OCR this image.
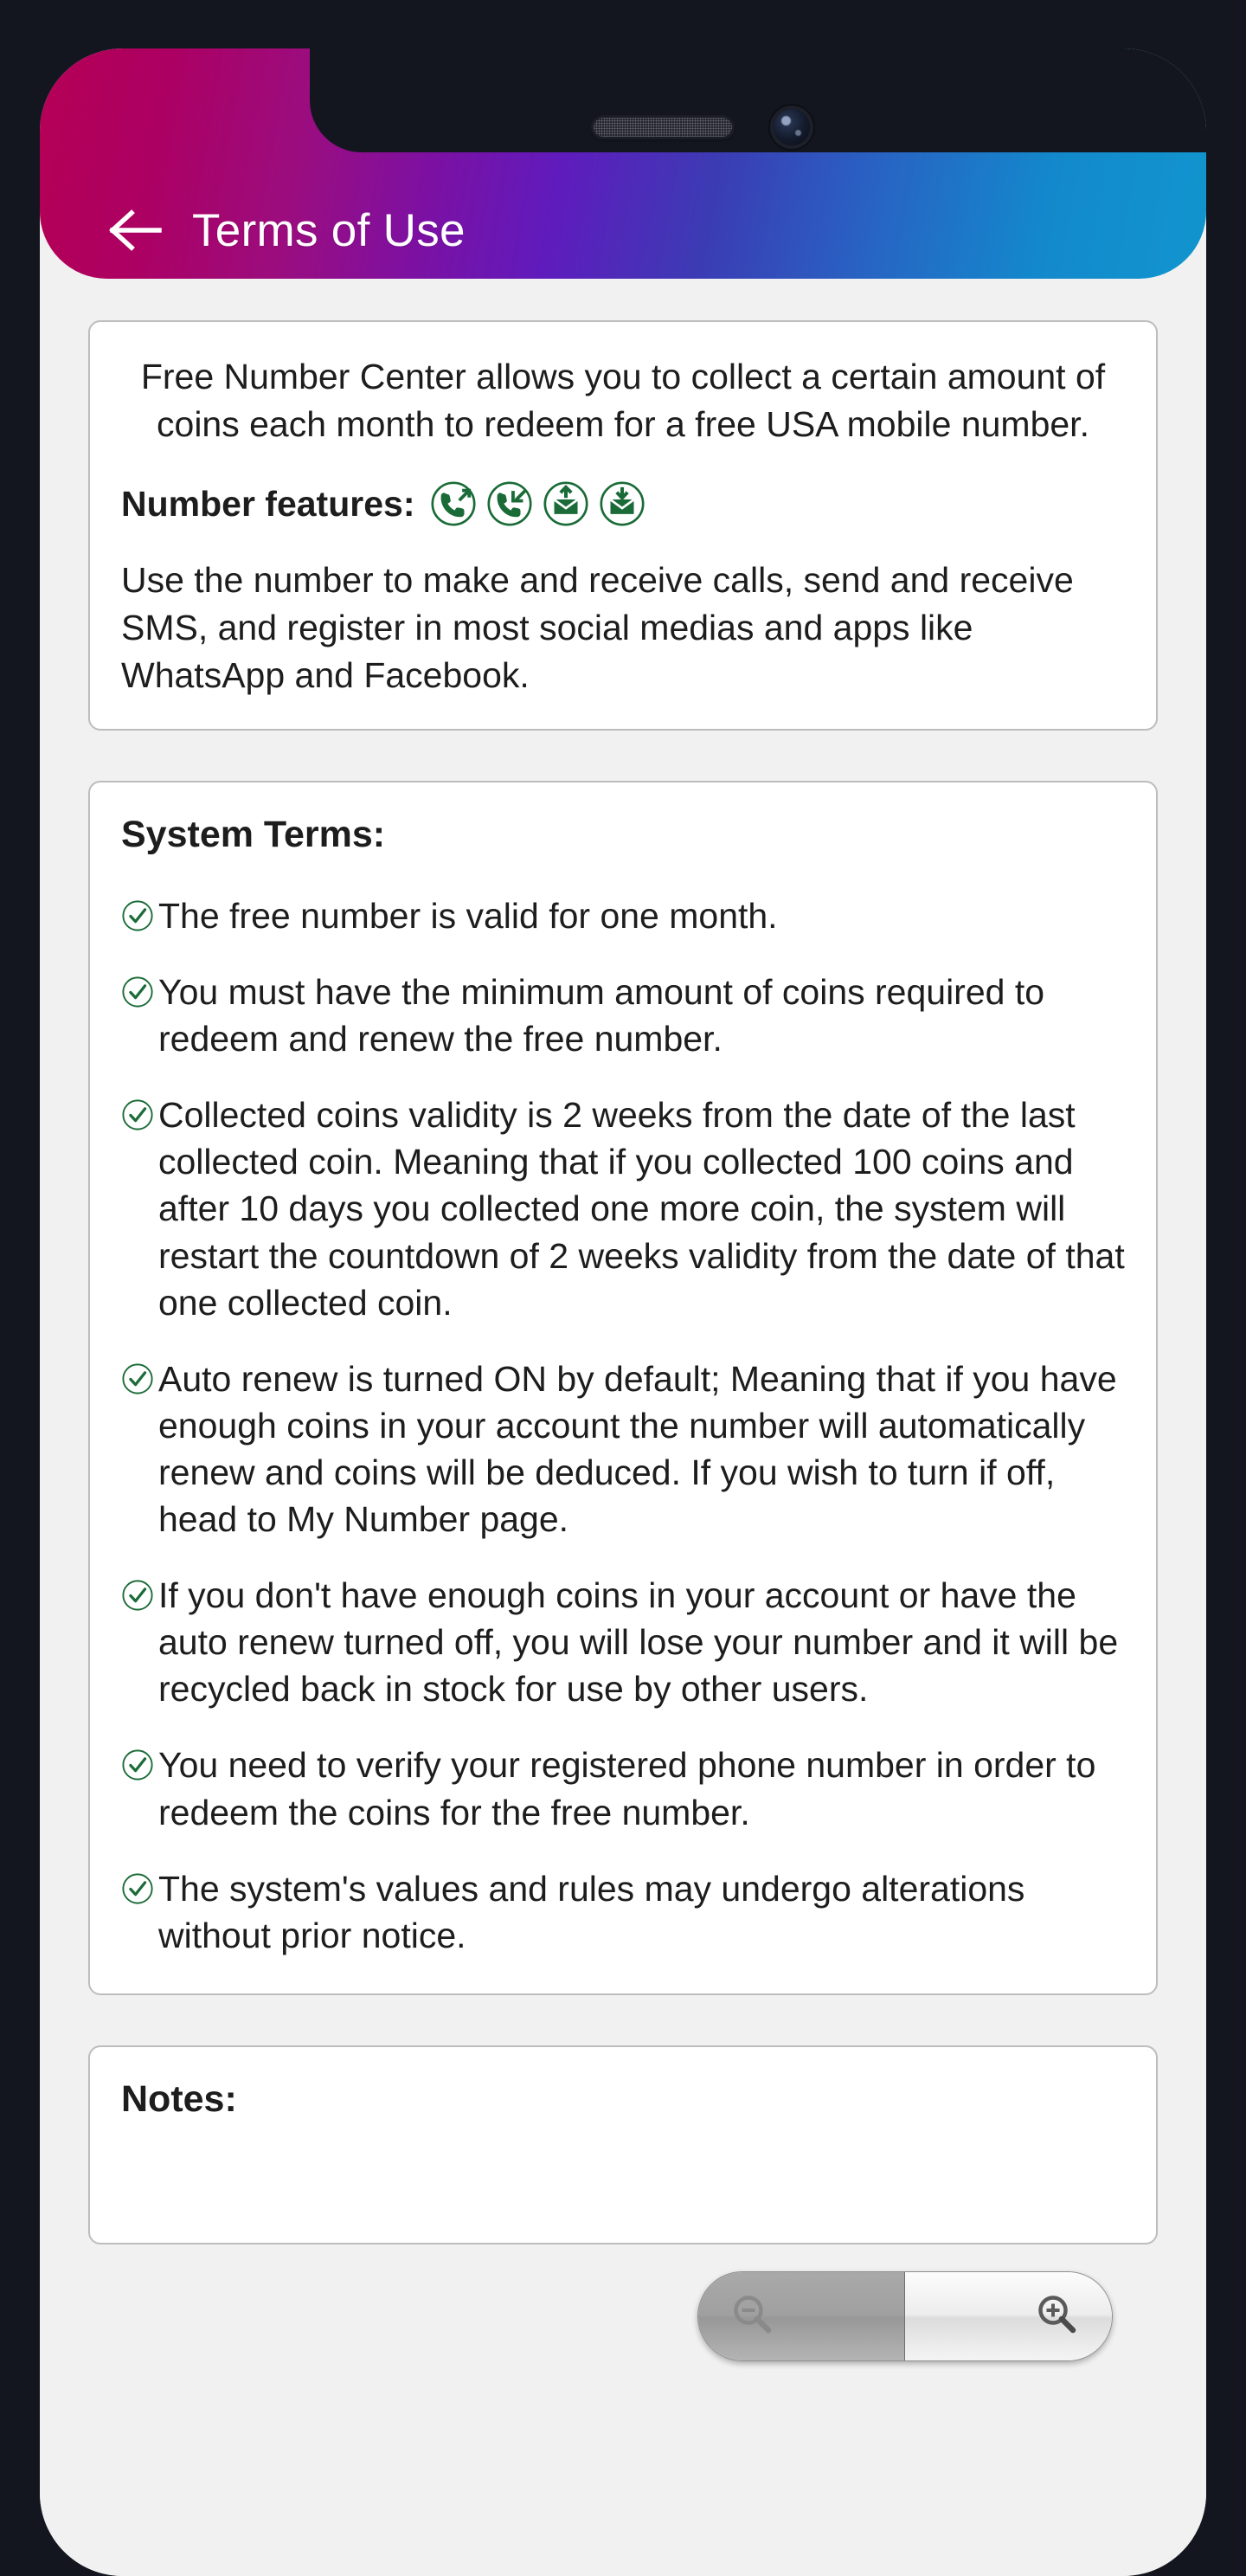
Terms of Use
Free Number Center allows you to collect a certain amount of coins each month to redeem for a free USA mobile number.
Number features:
Use the number to make and receive calls, send and receive SMS, and register in most social medias and apps like WhatsApp and Facebook.
System Terms:
The free number is valid for one month.
You must have the minimum amount of coins required to redeem and renew the free number.
Collected coins validity is 2 weeks from the date of the last collected coin. Meaning that if you collected 100 coins and after 10 days you collected one more coin, the system will restart the countdown of 2 weeks validity from the date of that one collected coin.
Auto renew is turned ON by default; Meaning that if you have enough coins in your account the number will automatically renew and coins will be deduced. If you wish to turn if off, head to My Number page.
If you don't have enough coins in your account or have the auto renew turned off, you will lose your number and it will be recycled back in stock for use by other users.
You need to verify your registered phone number in order to redeem the coins for the free number.
The system's values and rules may undergo alterations without prior notice.
Notes:
